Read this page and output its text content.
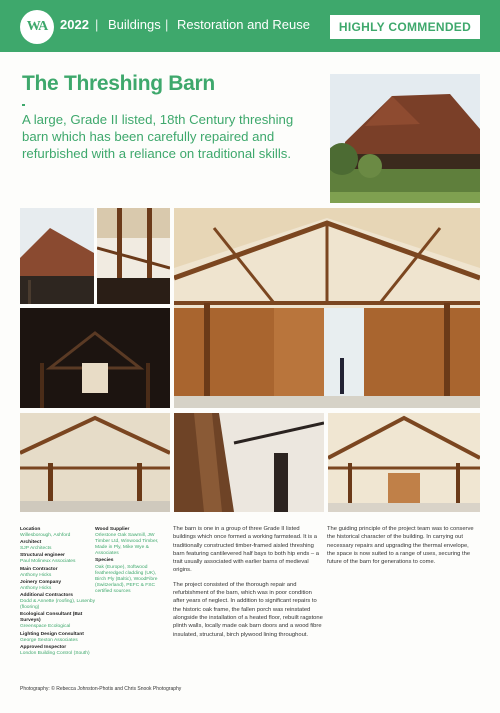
WA 2022 | Buildings | Restoration and Reuse	HIGHLY COMMENDED
The Threshing Barn

A large, Grade II listed, 18th Century threshing barn which has been carefully repaired and refurbished with a reliance on traditional skills.

Location
Willesborough, Ashford
Architect
SJP Architects
Structural engineer
Paul Molineux Associates
Main Contractor
Anthony Hicks
Joinery Company
Anthony Hicks
Additional Contractors
Dodd & Annette (roofing), Lusenby (flooring)
Ecological Consultant (Bat Surveys)
Greenspace Ecological
Lighting Design Consultant
George Sexton Associates
Approved Inspector
London Building Control (South)
Wood Supplier
Orlestone Oak Sawmill, JW Timber Ltd, Winwood Timber, Made in Ply, Mike Wye & Associates
Species
Oak (Europe), Softwood featheredged cladding (UK), Birch Ply (Baltic), WoodFibre (Switzerland), PEFC & FSC certified sources

The barn is one in a group of three Grade II listed buildings which once formed a working farmstead. It is a traditionally constructed timber-framed aisled threshing barn featuring cantilevered half bays to both hip ends – a trait usually associated with earlier barns of medieval origins.

The project consisted of the thorough repair and refurbishment of the barn, which was in poor condition after years of neglect. In addition to significant repairs to the historic oak frame, the fallen porch was reinstated alongside the installation of a heated floor, rebuilt ragstone plinth walls, locally made oak barn doors and a wood fibre insulated, structural, birch plywood lining throughout.

The guiding principle of the project team was to conserve the historical character of the building. In carrying out necessary repairs and upgrading the thermal envelope, the space is now suited to a range of uses, securing the future of the barn for generations to come.

Photography: © Rebecca Johnston-Photis and Chris Snook Photography
